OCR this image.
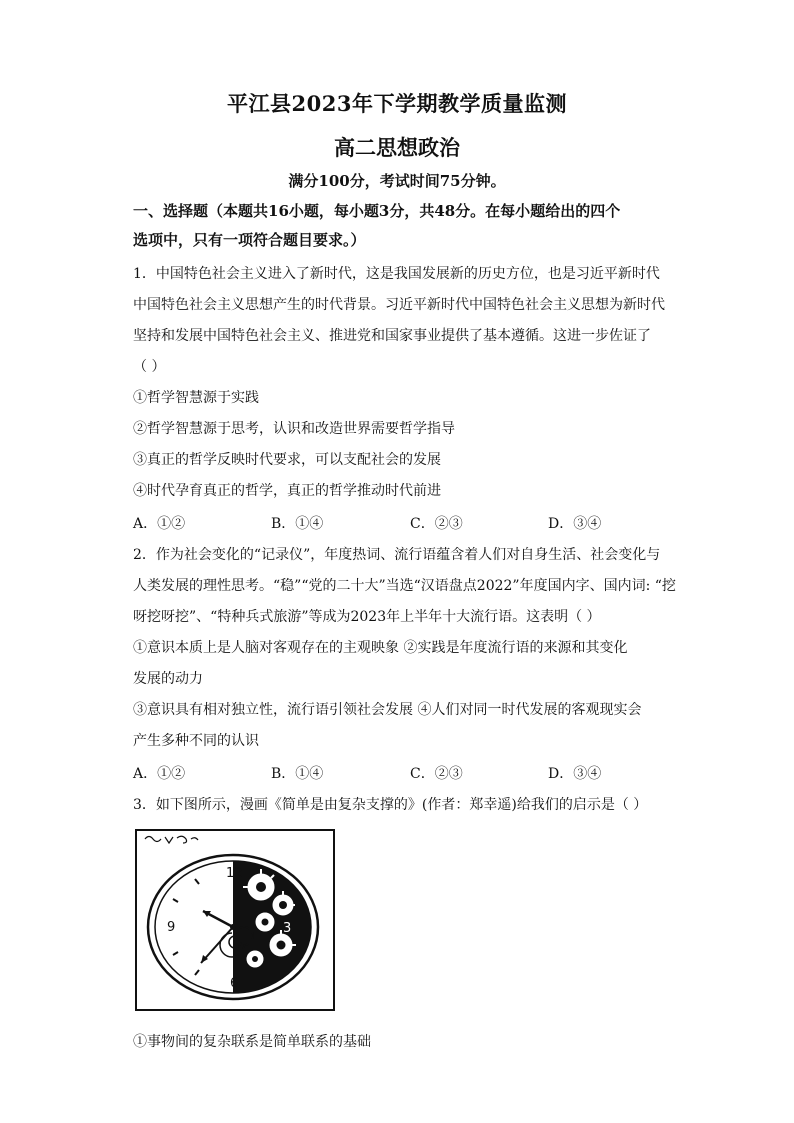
平江县2023年下学期教学质量监测
高二思想政治
满分100分，考试时间75分钟。
一、选择题（本题共16小题，每小题3分，共48分。在每小题给出的四个
选项中，只有一项符合题目要求。）
1．中国特色社会主义进入了新时代，这是我国发展新的历史方位，也是习近平新时代
中国特色社会主义思想产生的时代背景。习近平新时代中国特色社会主义思想为新时代
坚持和发展中国特色社会主义、推进党和国家事业提供了基本遵循。这进一步佐证了
（ ）
①哲学智慧源于实践
②哲学智慧源于思考，认识和改造世界需要哲学指导
③真正的哲学反映时代要求，可以支配社会的发展
④时代孕育真正的哲学，真正的哲学推动时代前进
A．①②	B．①④	C．②③	D．③④
2．作为社会变化的“记录仪”，年度热词、流行语蕴含着人们对自身生活、社会变化与
人类发展的理性思考。“稳”“党的二十大”当选“汉语盘点2022”年度国内字、国内词: “挖
呀挖呀挖”、“特种兵式旅游”等成为2023年上半年十大流行语。这表明（ ）
①意识本质上是人脑对客观存在的主观映象 ②实践是年度流行语的来源和其变化
发展的动力
③意识具有相对独立性，流行语引领社会发展 ④人们对同一时代发展的客观现实会
产生多种不同的认识
A．①②	B．①④	C．②③	D．③④
3．如下图所示，漫画《简单是由复杂支撑的》(作者：郑幸遥)给我们的启示是（ ）
12
3
6
9
①事物间的复杂联系是简单联系的基础
